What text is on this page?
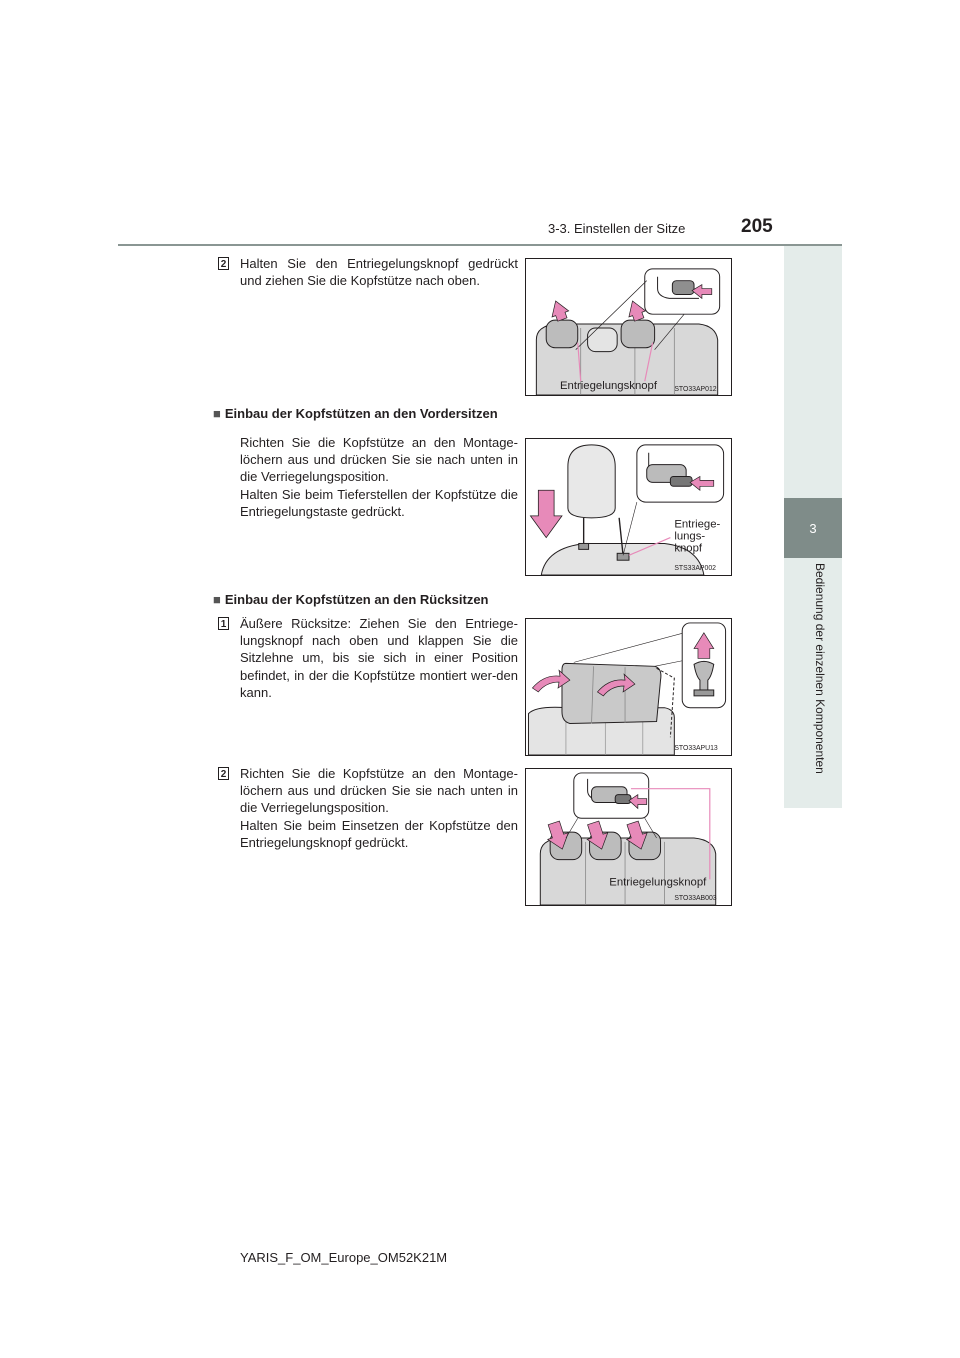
3-3. Einstellen der Sitze	205
3
Bedienung der einzelnen Komponenten
2 Halten Sie den Entriegelungsknopf gedrückt und ziehen Sie die Kopfstütze nach oben.

Entriegelungsknopf STO33AP012
■ Einbau der Kopfstützen an den Vordersitzen

Richten Sie die Kopfstütze an den Montage-löchern aus und drücken Sie sie nach unten in die Verriegelungsposition.

Halten Sie beim Tieferstellen der Kopfstütze die Entriegelungstaste gedrückt.

Entriege-
lungs-
knopf
STS33AP002
■ Einbau der Kopfstützen an den Rücksitzen
1 Äußere Rücksitze: Ziehen Sie den Entriege-lungsknopf nach oben und klappen Sie die Sitzlehne um, bis sie sich in einer Position befindet, in der die Kopfstütze montiert wer-den kann.

STO33APU13
2 Richten Sie die Kopfstütze an den Montage-löchern aus und drücken Sie sie nach unten in die Verriegelungsposition.

Halten Sie beim Einsetzen der Kopfstütze den Entriegelungsknopf gedrückt.

Entriegelungsknopf
STO33AB003
YARIS_F_OM_Europe_OM52K21M
